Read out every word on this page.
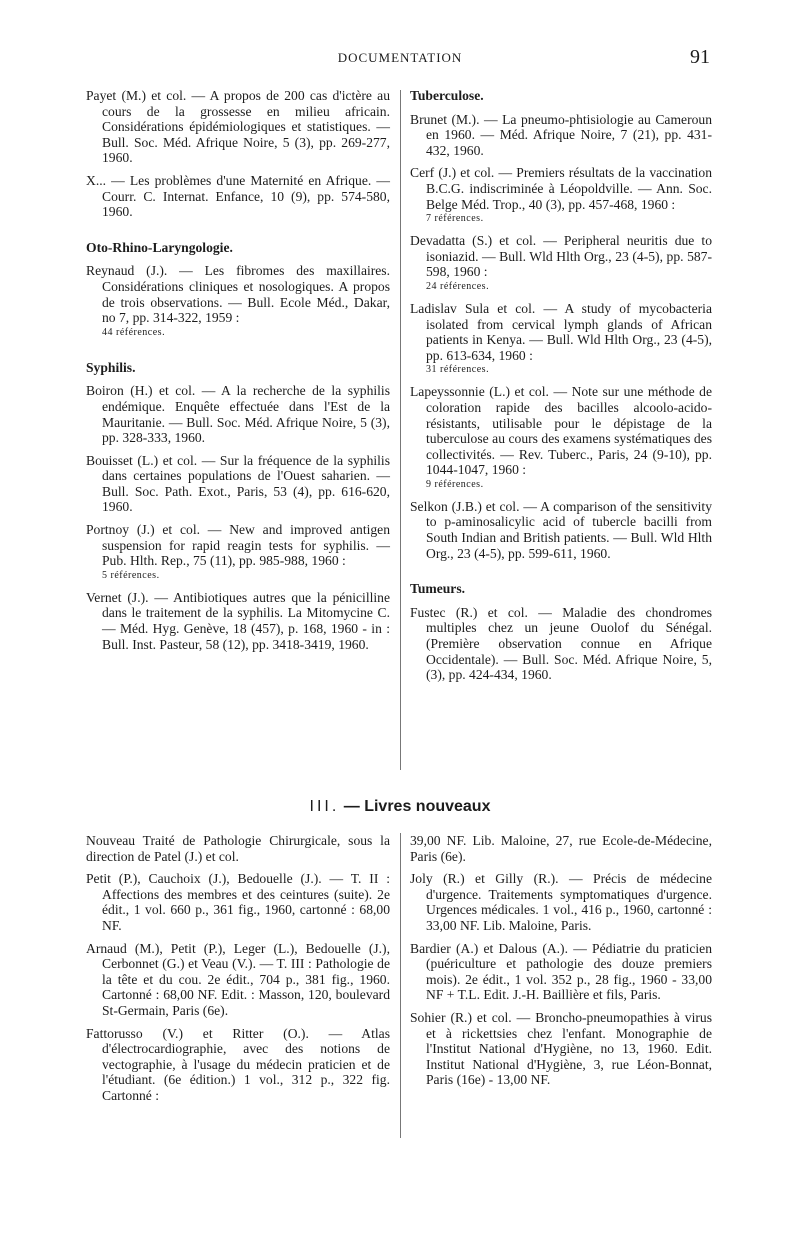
DOCUMENTATION	91

Payet (M.) et col. — A propos de 200 cas d'ictère au cours de la grossesse en milieu africain. Considérations épidémiologiques et statistiques. — Bull. Soc. Méd. Afrique Noire, 5 (3), pp. 269-277, 1960.

X... — Les problèmes d'une Maternité en Afrique. — Courr. C. Internat. Enfance, 10 (9), pp. 574-580, 1960.

Oto-Rhino-Laryngologie.
Reynaud (J.). — Les fibromes des maxillaires. Considérations cliniques et nosologiques. A propos de trois observations. — Bull. Ecole Méd., Dakar, no 7, pp. 314-322, 1959 :
44 références.
Syphilis.

Boiron (H.) et col. — A la recherche de la syphilis endémique. Enquête effectuée dans l'Est de la Mauritanie. — Bull. Soc. Méd. Afrique Noire, 5 (3), pp. 328-333, 1960.

Bouisset (L.) et col. — Sur la fréquence de la syphilis dans certaines populations de l'Ouest saharien. — Bull. Soc. Path. Exot., Paris, 53 (4), pp. 616-620, 1960.

Portnoy (J.) et col. — New and improved antigen suspension for rapid reagin tests for syphilis. — Pub. Hlth. Rep., 75 (11), pp. 985-988, 1960 :
5 références.

Vernet (J.). — Antibiotiques autres que la pénicilline dans le traitement de la syphilis. La Mitomycine C. — Méd. Hyg. Genève, 18 (457), p. 168, 1960 - in : Bull. Inst. Pasteur, 58 (12), pp. 3418-3419, 1960.

Tuberculose.

Brunet (M.). — La pneumo-phtisiologie au Cameroun en 1960. — Méd. Afrique Noire, 7 (21), pp. 431-432, 1960.

Cerf (J.) et col. — Premiers résultats de la vaccination B.C.G. indiscriminée à Léopoldville. — Ann. Soc. Belge Méd. Trop., 40 (3), pp. 457-468, 1960 :
7 références.
Devadatta (S.) et col. — Peripheral neuritis due to isoniazid. — Bull. Wld Hlth Org., 23 (4-5), pp. 587-598, 1960 :
24 références.
Ladislav Sula et col. — A study of mycobacteria isolated from cervical lymph glands of African patients in Kenya. — Bull. Wld Hlth Org., 23 (4-5), pp. 613-634, 1960 :
31 références.
Lapeyssonnie (L.) et col. — Note sur une méthode de coloration rapide des bacilles alcoolo-acido-résistants, utilisable pour le dépistage de la tuberculose au cours des examens systématiques des collectivités. — Rev. Tuberc., Paris, 24 (9-10), pp. 1044-1047, 1960 :
9 références.

Selkon (J.B.) et col. — A comparison of the sensitivity to p-aminosalicylic acid of tubercle bacilli from South Indian and British patients. — Bull. Wld Hlth Org., 23 (4-5), pp. 599-611, 1960.

Tumeurs.

Fustec (R.) et col. — Maladie des chondromes multiples chez un jeune Ouolof du Sénégal. (Première observation connue en Afrique Occidentale). — Bull. Soc. Méd. Afrique Noire, 5, (3), pp. 424-434, 1960.

III. — Livres nouveaux

Nouveau Traité de Pathologie Chirurgicale, sous la direction de Patel (J.) et col.

Petit (P.), Cauchoix (J.), Bedouelle (J.). — T. II : Affections des membres et des ceintures (suite). 2e édit., 1 vol. 660 p., 361 fig., 1960, cartonné : 68,00 NF.

Arnaud (M.), Petit (P.), Leger (L.), Bedouelle (J.), Cerbonnet (G.) et Veau (V.). — T. III : Pathologie de la tête et du cou. 2e édit., 704 p., 381 fig., 1960. Cartonné : 68,00 NF. Edit. : Masson, 120, boulevard St-Germain, Paris (6e).

Fattorusso (V.) et Ritter (O.). — Atlas d'électrocardiographie, avec des notions de vectographie, à l'usage du médecin praticien et de l'étudiant. (6e édition.) 1 vol., 312 p., 322 fig. Cartonné :

39,00 NF. Lib. Maloine, 27, rue Ecole-de-Médecine, Paris (6e).

Joly (R.) et Gilly (R.). — Précis de médecine d'urgence. Traitements symptomatiques d'urgence. Urgences médicales. 1 vol., 416 p., 1960, cartonné : 33,00 NF. Lib. Maloine, Paris.

Bardier (A.) et Dalous (A.). — Pédiatrie du praticien (puériculture et pathologie des douze premiers mois). 2e édit., 1 vol. 352 p., 28 fig., 1960 - 33,00 NF + T.L. Edit. J.-H. Baillière et fils, Paris.

Sohier (R.) et col. — Broncho-pneumopathies à virus et à rickettsies chez l'enfant. Monographie de l'Institut National d'Hygiène, no 13, 1960. Edit. Institut National d'Hygiène, 3, rue Léon-Bonnat, Paris (16e) - 13,00 NF.
